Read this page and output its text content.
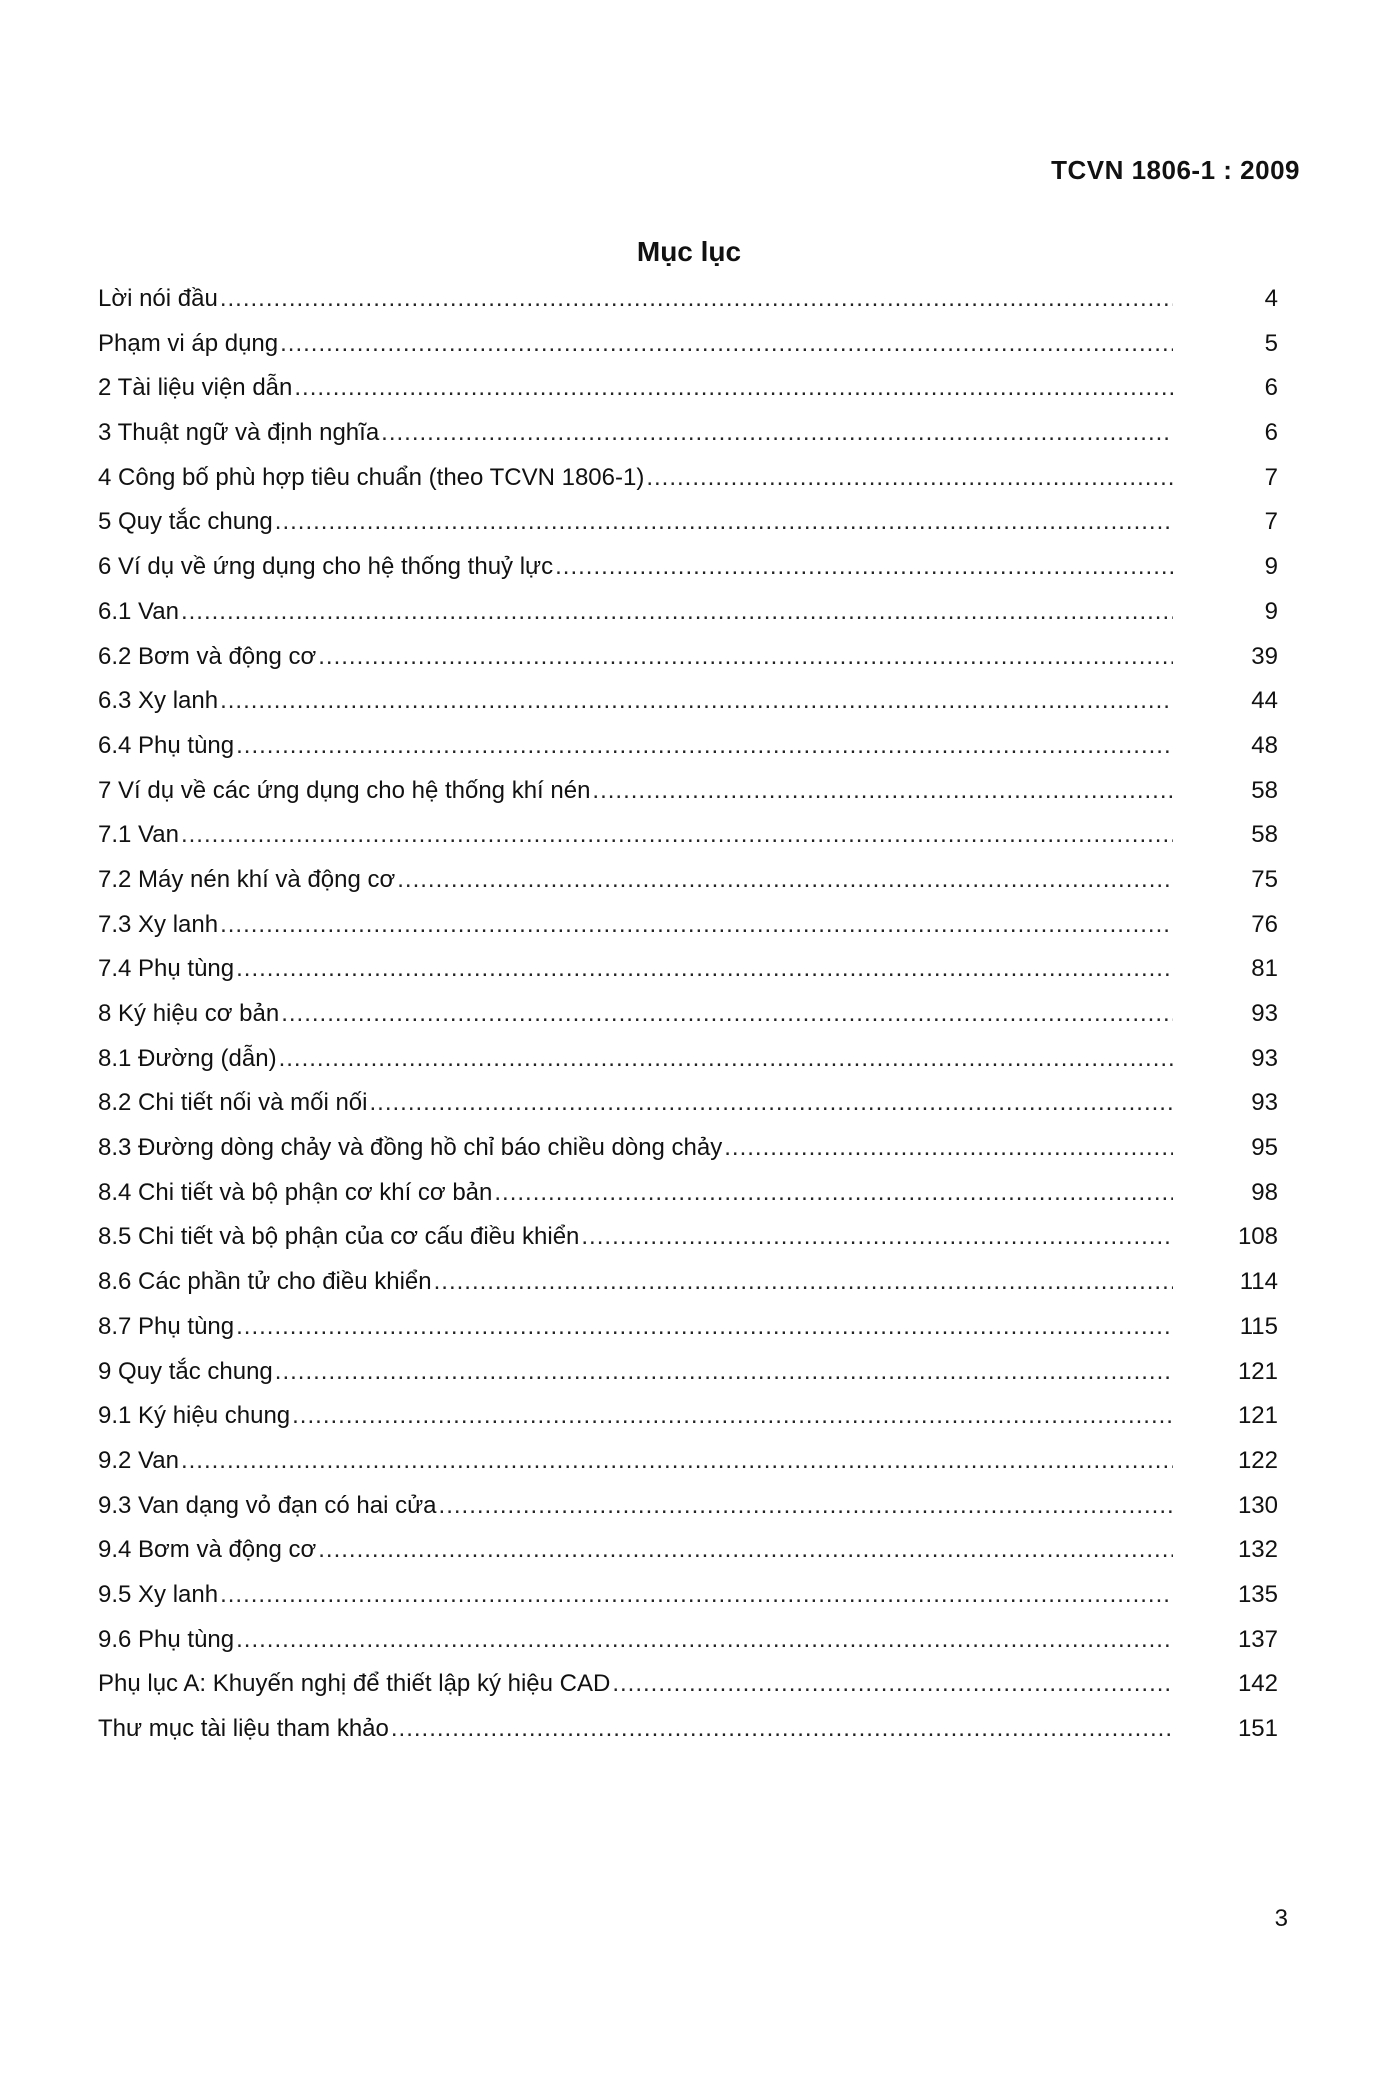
TCVN 1806-1 : 2009
Mục lục
Lời nói đầu .....	4
Phạm vi áp dụng .....	5
2 Tài liệu viện dẫn .....	6
3 Thuật ngữ và định nghĩa .....	6
4 Công bố phù hợp tiêu chuẩn (theo TCVN 1806-1) .....	7
5 Quy tắc chung .....	7
6 Ví dụ về ứng dụng cho hệ thống thuỷ lực .....	9
6.1 Van .....	9
6.2 Bơm và động cơ .....	39
6.3 Xy lanh .....	44
6.4 Phụ tùng .....	48
7 Ví dụ về các ứng dụng cho hệ thống khí nén .....	58
7.1 Van .....	58
7.2 Máy nén khí và động cơ .....	75
7.3 Xy lanh .....	76
7.4 Phụ tùng .....	81
8 Ký hiệu cơ bản .....	93
8.1 Đường (dẫn) .....	93
8.2 Chi tiết nối và mối nối .....	93
8.3 Đường dòng chảy và đồng hồ chỉ báo chiều dòng chảy .....	95
8.4 Chi tiết và bộ phận cơ khí cơ bản .....	98
8.5 Chi tiết và bộ phận của cơ cấu điều khiển .....	108
8.6 Các phần tử cho điều khiển .....	114
8.7 Phụ tùng .....	115
9 Quy tắc chung .....	121
9.1 Ký hiệu chung .....	121
9.2 Van .....	122
9.3 Van dạng vỏ đạn có hai cửa .....	130
9.4 Bơm và động cơ .....	132
9.5 Xy lanh .....	135
9.6 Phụ tùng .....	137
Phụ lục A: Khuyến nghị để thiết lập ký hiệu CAD .....	142
Thư mục tài liệu tham khảo .....	151
3
